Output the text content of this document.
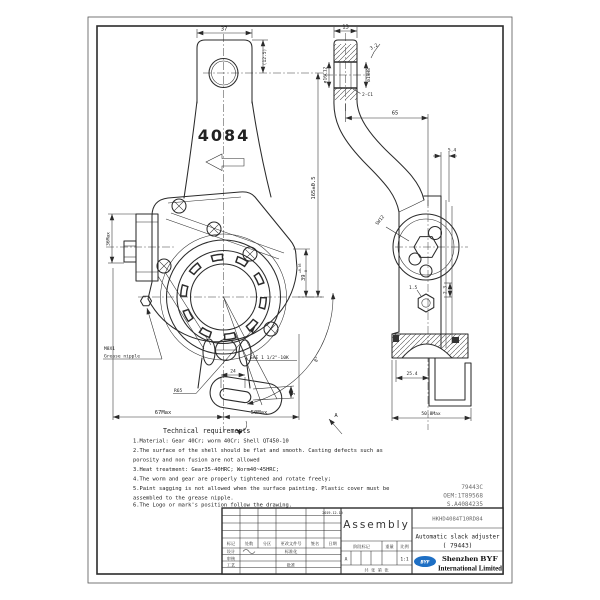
4084
37
(12.5)
165±0.5
39
+0.05 0
36Max
67Max	50Max
24
5
R65
8°
SAE 1 1/2"-10K
M8X1
Grease nipple
A
13
ø16C12	ø19H8
3.2
2-C1
65
5.4
SW12
1.5	2.3
25.4
50.8Max
Technical requirements
1.Material: Gear 40Cr; worm 40Cr; Shell QT450-10
2.The surface of the shell should be flat and smooth. Casting defects such as
porosity and non fusion are not allowed
3.Heat treatment: Gear35-40HRC; Worm40~45HRC;
4.The worm and gear are properly tightened and rotate freely;
5.Paint sagging is not allowed when the surface painting. Plastic cover must be
assembled to the grease nipple.
6.The Logo or mark's position follow the drawing.
79443C
OEM:1T89568
S.A4084235
2019.12.10
标记 处数 分区 更改文件号 签名 日期
设计	标准化
审核
工艺	批准
Assembly
阶段标记	重量 比例
A	1:1
共 张 第 张
HKHD4084T10RD84
Automatic slack adjuster
( 79443)
BYF Shenzhen BYF
International Limited
